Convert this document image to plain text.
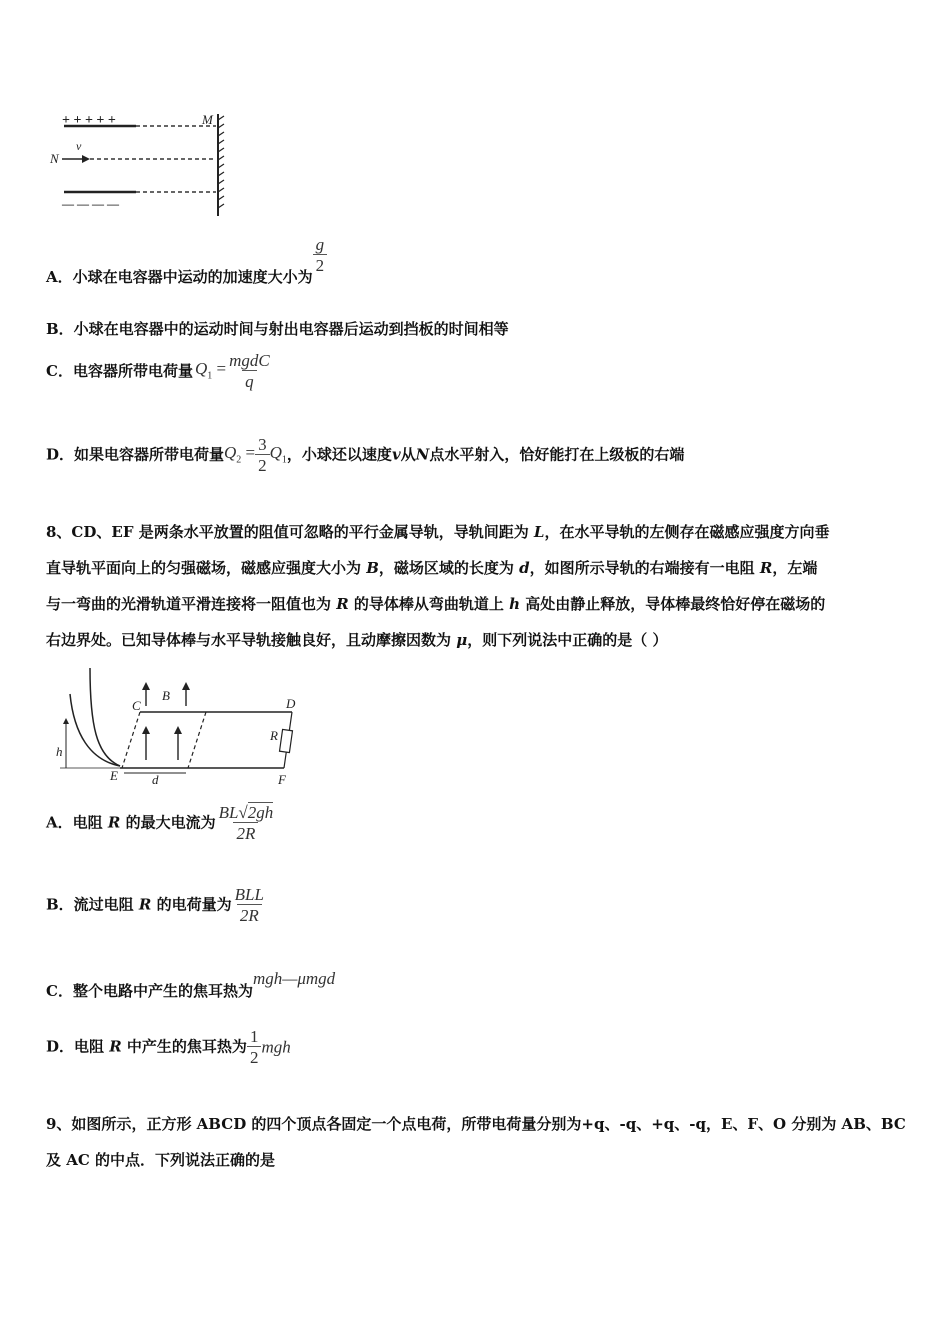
+ + + + +	M
N
v
— — — —
A．小球在电容器中运动的加速度大小为
$\frac{g}{2}$
B．小球在电容器中的运动时间与射出电容器后运动到挡板的时间相等
C．电容器所带电荷量 $Q_1 = \frac{\text{mgdC}}{q}$
D．如果电容器所带电荷量$Q_2 = \frac{3}{2} Q_1$，小球还以速度v从N点水平射入，恰好能打在上级板的右端
8、CD、EF 是两条水平放置的阻值可忽略的平行金属导轨，导轨间距为 L，在水平导轨的左侧存在磁感应强度方向垂
直导轨平面向上的匀强磁场，磁感应强度大小为 B，磁场区域的长度为 d，如图所示导轨的右端接有一电阻 R，左端
与一弯曲的光滑轨道平滑连接将一阻值也为 R 的导体棒从弯曲轨道上 h 高处由静止释放，导体棒最终恰好停在磁场的
右边界处。已知导体棒与水平导轨接触良好，且动摩擦因数为 μ，则下列说法中正确的是（ ）
C
B
D
R
h
E	d	F
A．电阻 R 的最大电流为 $\frac{BL√2gh}{2R}$
B．流过电阻 R 的电荷量为 $\frac{\text{BLL}}{2R}$
C．整个电路中产生的焦耳热为mgh—μmgd
D．电阻 R 中产生的焦耳热为 $\frac{1}{2}$ mgh
9、如图所示，正方形 ABCD 的四个顶点各固定一个点电荷，所带电荷量分别为+q、-q、+q、-q，E、F、O 分别为 AB、BC
及 AC 的中点．下列说法正确的是
